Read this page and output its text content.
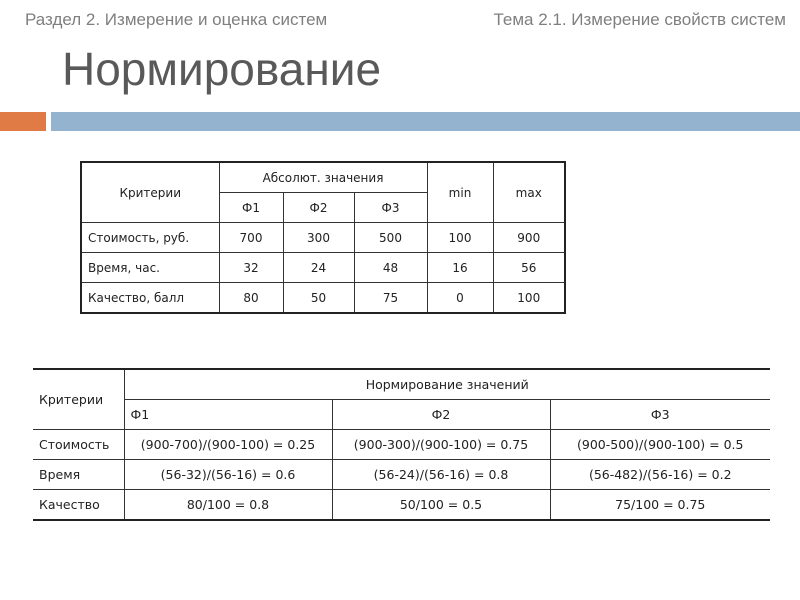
Раздел 2. Измерение и оценка систем	Тема 2.1. Измерение свойств систем
Нормирование
Критерии	Абсолют. значения			min	max
	Ф1	Ф2	Ф3		
Стоимость, руб.	700	300	500	100	900
Время, час.	32	24	48	16	56
Качество, балл	80	50	75	0	100
Критерии	Нормирование значений		
	Ф1	Ф2	Ф3
Стоимость	(900-700)/(900-100) = 0.25	(900-300)/(900-100) = 0.75	(900-500)/(900-100) = 0.5
Время	(56-32)/(56-16) = 0.6	(56-24)/(56-16) = 0.8	(56-482)/(56-16) = 0.2
Качество	80/100 = 0.8	50/100 = 0.5	75/100 = 0.75
